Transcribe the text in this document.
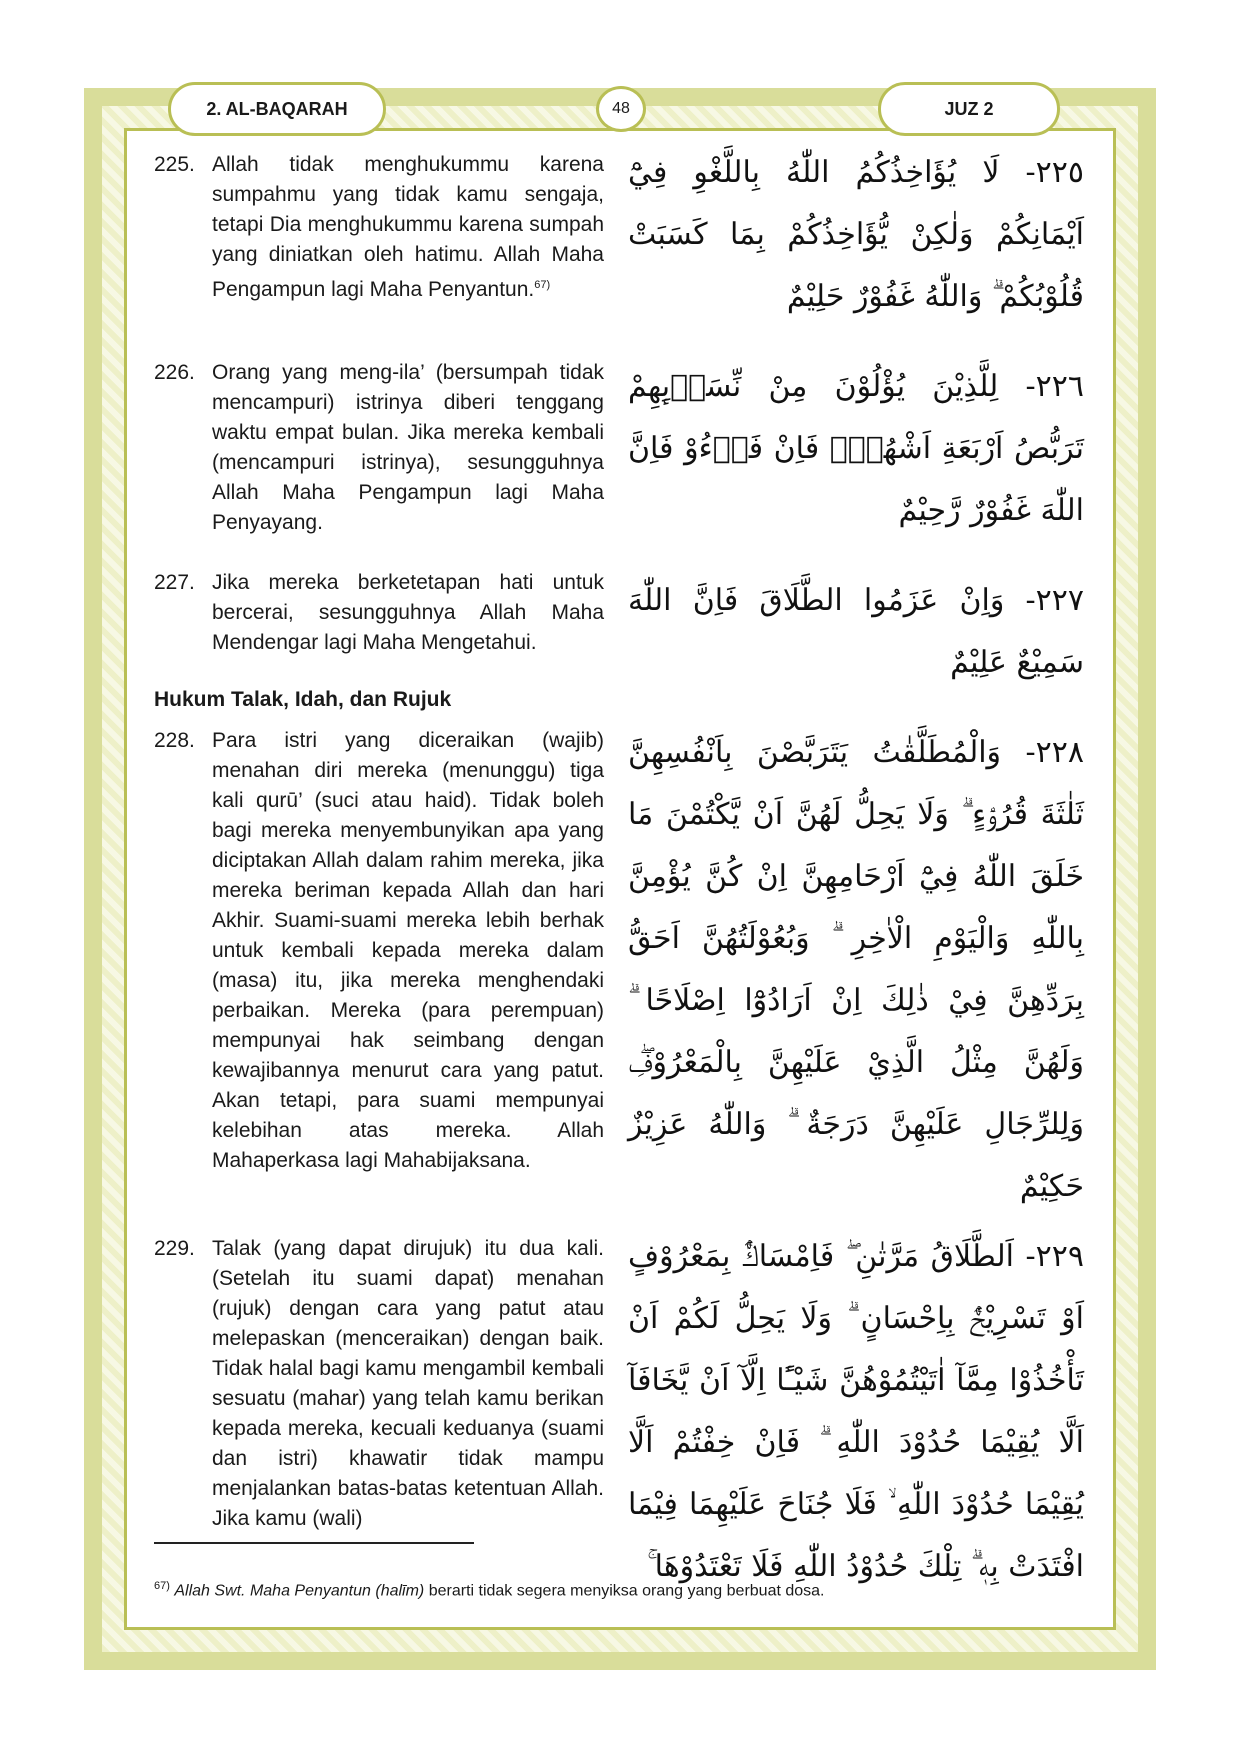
2. AL-BAQARAH	48	JUZ 2
225. Allah tidak menghukummu karena sumpahmu yang tidak kamu sengaja, tetapi Dia menghukummu karena sumpah yang diniatkan oleh hatimu. Allah Maha Pengampun lagi Maha Penyantun.$^{67)}$
٢٢٥- لَا يُؤَاخِذُكُمُ اللّٰهُ بِاللَّغْوِ فِيْٓ اَيْمَانِكُمْ وَلٰكِنْ يُّؤَاخِذُكُمْ بِمَا كَسَبَتْ قُلُوْبُكُمْ ۗ وَاللّٰهُ غَفُوْرٌ حَلِيْمٌ
226. Orang yang meng-ila’ (bersumpah tidak mencampuri) istrinya diberi tenggang waktu empat bulan. Jika mereka kembali (mencampuri istrinya), sesungguhnya Allah Maha Pengampun lagi Maha Penyayang.
٢٢٦- لِلَّذِيْنَ يُؤْلُوْنَ مِنْ نِّسَاۤىِٕهِمْ تَرَبُّصُ اَرْبَعَةِ اَشْهُرٍۚ فَاِنْ فَاۤءُوْ فَاِنَّ اللّٰهَ غَفُوْرٌ رَّحِيْمٌ
227. Jika mereka berketetapan hati untuk bercerai, sesungguhnya Allah Maha Mendengar lagi Maha Mengetahui.
٢٢٧- وَاِنْ عَزَمُوا الطَّلَاقَ فَاِنَّ اللّٰهَ سَمِيْعٌ عَلِيْمٌ
Hukum Talak, Idah, dan Rujuk
228. Para istri yang diceraikan (wajib) menahan diri mereka (menunggu) tiga kali qurū’ (suci atau haid). Tidak boleh bagi mereka menyembunyikan apa yang diciptakan Allah dalam rahim mereka, jika mereka beriman kepada Allah dan hari Akhir. Suami-suami mereka lebih berhak untuk kembali kepada mereka dalam (masa) itu, jika mereka menghendaki perbaikan. Mereka (para perempuan) mempunyai hak seimbang dengan kewajibannya menurut cara yang patut. Akan tetapi, para suami mempunyai kelebihan atas mereka. Allah Mahaperkasa lagi Mahabijaksana.
٢٢٨- وَالْمُطَلَّقٰتُ يَتَرَبَّصْنَ بِاَنْفُسِهِنَّ ثَلٰثَةَ قُرُوْۤءٍ ۗ وَلَا يَحِلُّ لَهُنَّ اَنْ يَّكْتُمْنَ مَا خَلَقَ اللّٰهُ فِيْٓ اَرْحَامِهِنَّ اِنْ كُنَّ يُؤْمِنَّ بِاللّٰهِ وَالْيَوْمِ الْاٰخِرِ ۗ وَبُعُوْلَتُهُنَّ اَحَقُّ بِرَدِّهِنَّ فِيْ ذٰلِكَ اِنْ اَرَادُوْٓا اِصْلَاحًا ۗ وَلَهُنَّ مِثْلُ الَّذِيْ عَلَيْهِنَّ بِالْمَعْرُوْفِۖ وَلِلرِّجَالِ عَلَيْهِنَّ دَرَجَةٌ ۗ وَاللّٰهُ عَزِيْزٌ حَكِيْمٌ
229. Talak (yang dapat dirujuk) itu dua kali. (Setelah itu suami dapat) menahan (rujuk) dengan cara yang patut atau melepaskan (menceraikan) dengan baik. Tidak halal bagi kamu mengambil kembali sesuatu (mahar) yang telah kamu berikan kepada mereka, kecuali keduanya (suami dan istri) khawatir tidak mampu menjalankan batas-batas ketentuan Allah. Jika kamu (wali)
٢٢٩- اَلطَّلَاقُ مَرَّتٰنِ ۖ فَاِمْسَاكٌۢ بِمَعْرُوْفٍ اَوْ تَسْرِيْحٌۢ بِاِحْسَانٍ ۗ وَلَا يَحِلُّ لَكُمْ اَنْ تَأْخُذُوْا مِمَّآ اٰتَيْتُمُوْهُنَّ شَيْـًٔا اِلَّآ اَنْ يَّخَافَآ اَلَّا يُقِيْمَا حُدُوْدَ اللّٰهِ ۗ فَاِنْ خِفْتُمْ اَلَّا يُقِيْمَا حُدُوْدَ اللّٰهِ ۙ فَلَا جُنَاحَ عَلَيْهِمَا فِيْمَا افْتَدَتْ بِهٖ ۗ تِلْكَ حُدُوْدُ اللّٰهِ فَلَا تَعْتَدُوْهَا ۚ
$^{67)}$ Allah Swt. Maha Penyantun (halīm) berarti tidak segera menyiksa orang yang berbuat dosa.
